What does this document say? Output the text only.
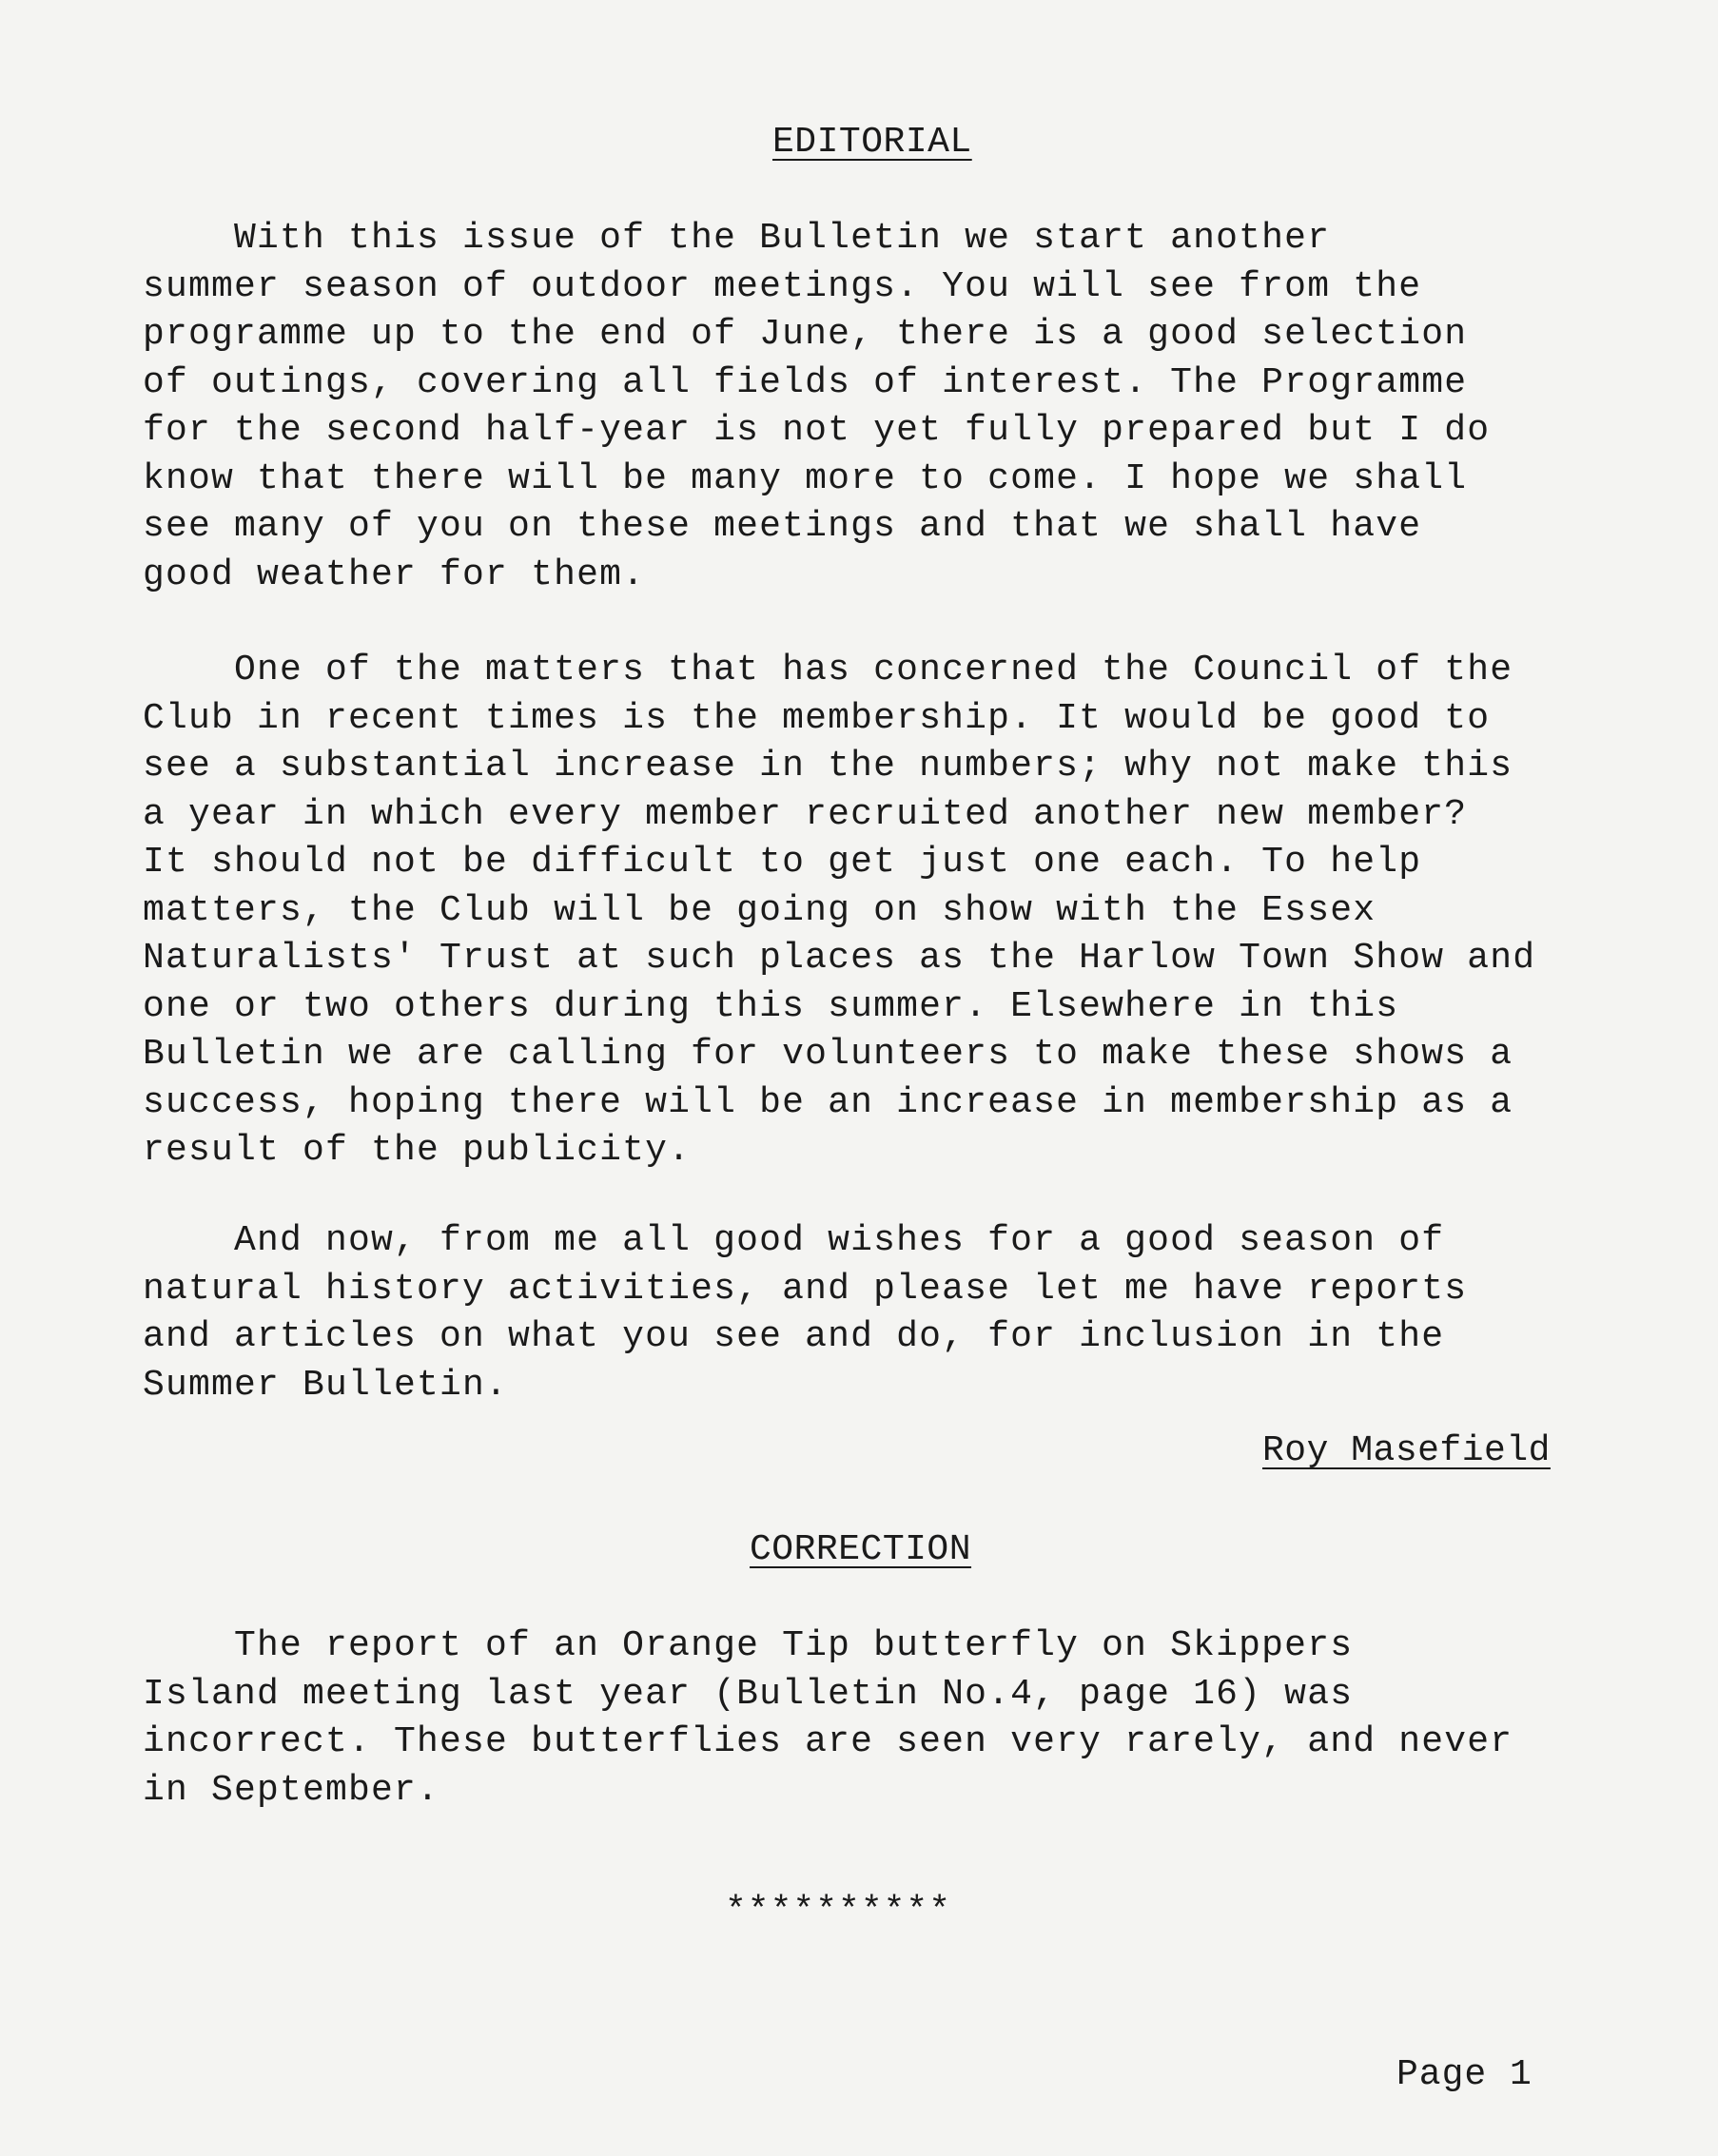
EDITORIAL

With this issue of the Bulletin we start another
summer season of outdoor meetings. You will see from the
programme up to the end of June, there is a good selection
of outings, covering all fields of interest. The Programme
for the second half-year is not yet fully prepared but I do
know that there will be many more to come. I hope we shall
see many of you on these meetings and that we shall have
good weather for them.

One of the matters that has concerned the Council of the
Club in recent times is the membership. It would be good to
see a substantial increase in the numbers; why not make this
a year in which every member recruited another new member?
It should not be difficult to get just one each. To help
matters, the Club will be going on show with the Essex
Naturalists' Trust at such places as the Harlow Town Show and
one or two others during this summer. Elsewhere in this
Bulletin we are calling for volunteers to make these shows a
success, hoping there will be an increase in membership as a
result of the publicity.

And now, from me all good wishes for a good season of
natural history activities, and please let me have reports
and articles on what you see and do, for inclusion in the
Summer Bulletin.

Roy Masefield
CORRECTION

The report of an Orange Tip butterfly on Skippers
Island meeting last year (Bulletin No.4, page 16) was
incorrect. These butterflies are seen very rarely, and never
in September.

**********
Page 1
